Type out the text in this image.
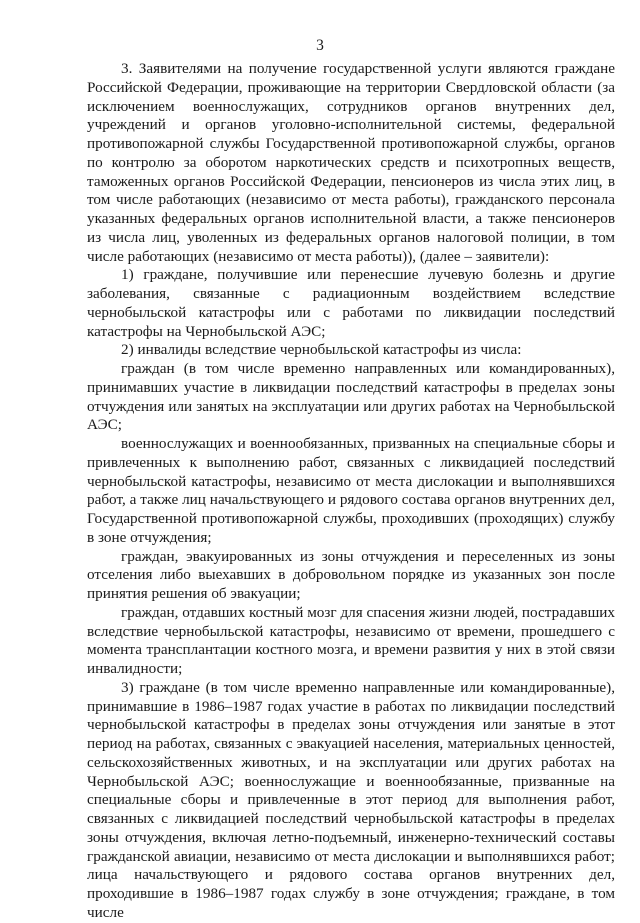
3

3. Заявителями на получение государственной услуги являются граждане Российской Федерации, проживающие на территории Свердловской области (за исключением военнослужащих, сотрудников органов внутренних дел, учреждений и органов уголовно-исполнительной системы, федеральной противопожарной службы Государственной противопожарной службы, органов по контролю за оборотом наркотических средств и психотропных веществ, таможенных органов Российской Федерации, пенсионеров из числа этих лиц, в том числе работающих (независимо от места работы), гражданского персонала указанных федеральных органов исполнительной власти, а также пенсионеров из числа лиц, уволенных из федеральных органов налоговой полиции, в том числе работающих (независимо от места работы)), (далее – заявители):

1) граждане, получившие или перенесшие лучевую болезнь и другие заболевания, связанные с радиационным воздействием вследствие чернобыльской катастрофы или с работами по ликвидации последствий катастрофы на Чернобыльской АЭС;

2) инвалиды вследствие чернобыльской катастрофы из числа:

граждан (в том числе временно направленных или командированных), принимавших участие в ликвидации последствий катастрофы в пределах зоны отчуждения или занятых на эксплуатации или других работах на Чернобыльской АЭС;

военнослужащих и военнообязанных, призванных на специальные сборы и привлеченных к выполнению работ, связанных с ликвидацией последствий чернобыльской катастрофы, независимо от места дислокации и выполнявшихся работ, а также лиц начальствующего и рядового состава органов внутренних дел, Государственной противопожарной службы, проходивших (проходящих) службу в зоне отчуждения;

граждан, эвакуированных из зоны отчуждения и переселенных из зоны отселения либо выехавших в добровольном порядке из указанных зон после принятия решения об эвакуации;

граждан, отдавших костный мозг для спасения жизни людей, пострадавших вследствие чернобыльской катастрофы, независимо от времени, прошедшего с момента трансплантации костного мозга, и времени развития у них в этой связи инвалидности;

3) граждане (в том числе временно направленные или командированные), принимавшие в 1986–1987 годах участие в работах по ликвидации последствий чернобыльской катастрофы в пределах зоны отчуждения или занятые в этот период на работах, связанных с эвакуацией населения, материальных ценностей, сельскохозяйственных животных, и на эксплуатации или других работах на Чернобыльской АЭС; военнослужащие и военнообязанные, призванные на специальные сборы и привлеченные в этот период для выполнения работ, связанных с ликвидацией последствий чернобыльской катастрофы в пределах зоны отчуждения, включая летно-подъемный, инженерно-технический составы гражданской авиации, независимо от места дислокации и выполнявшихся работ; лица начальствующего и рядового состава органов внутренних дел, проходившие в 1986–1987 годах службу в зоне отчуждения; граждане, в том числе
